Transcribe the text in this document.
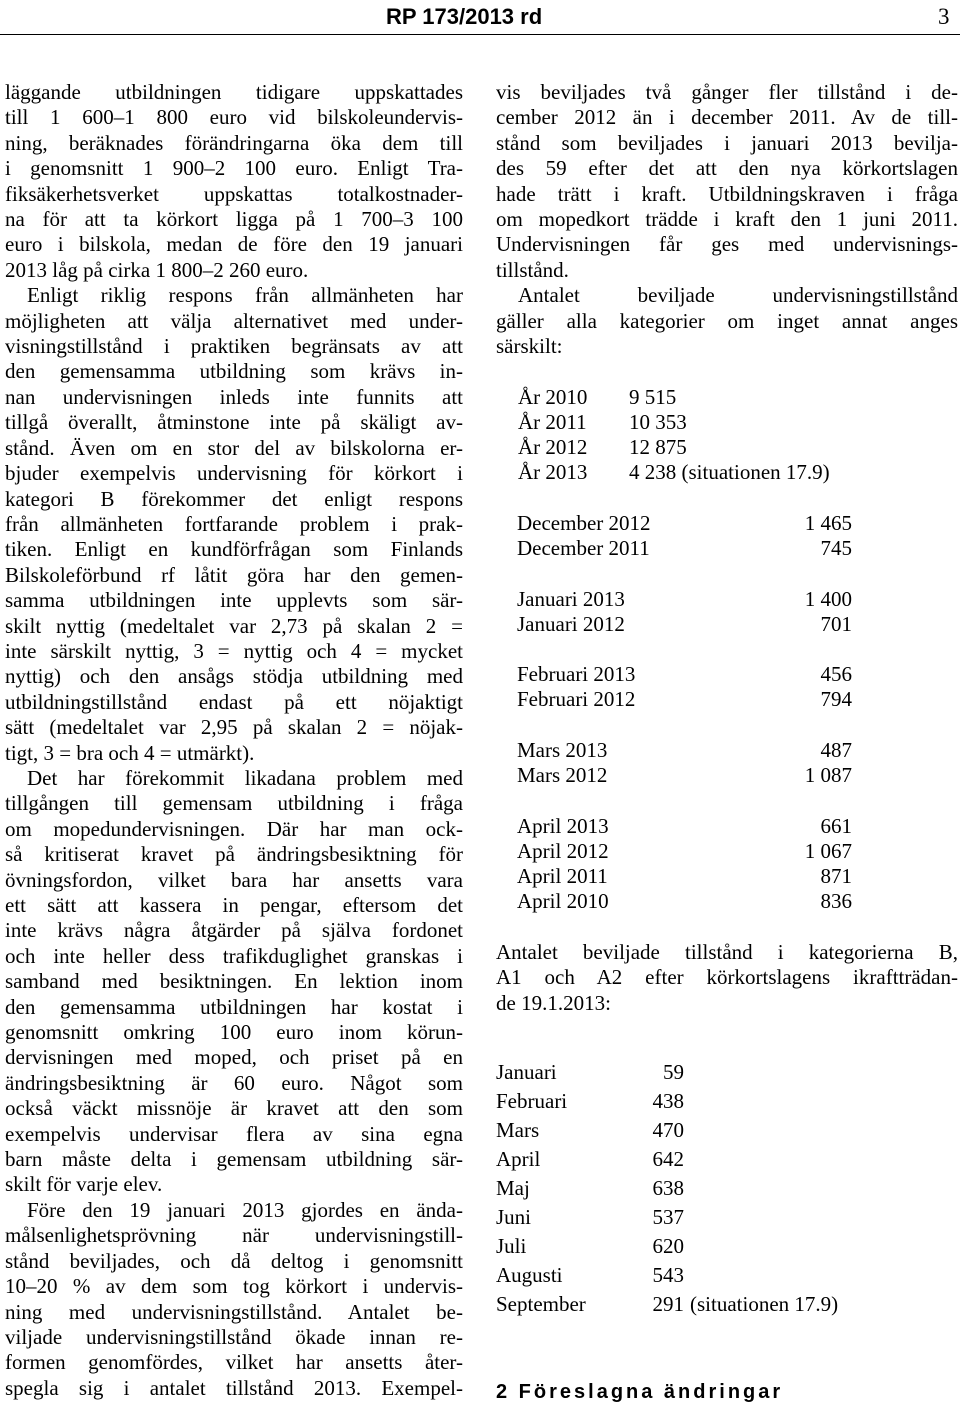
RP 173/2013 rd	3

läggande utbildningen tidigare uppskattades
till 1 600–1 800 euro vid bilskoleundervis-
ning, beräknades förändringarna öka dem till
i genomsnitt 1 900–2 100 euro. Enligt Tra-
fiksäkerhetsverket uppskattas totalkostnader-
na för att ta körkort ligga på 1 700–3 100
euro i bilskola, medan de före den 19 januari
2013 låg på cirka 1 800–2 260 euro.

Enligt riklig respons från allmänheten har
möjligheten att välja alternativet med under-
visningstillstånd i praktiken begränsats av att
den gemensamma utbildning som krävs in-
nan undervisningen inleds inte funnits att
tillgå överallt, åtminstone inte på skäligt av-
stånd. Även om en stor del av bilskolorna er-
bjuder exempelvis undervisning för körkort i
kategori B förekommer det enligt respons
från allmänheten fortfarande problem i prak-
tiken. Enligt en kundförfrågan som Finlands
Bilskoleförbund rf låtit göra har den gemen-
samma utbildningen inte upplevts som sär-
skilt nyttig (medeltalet var 2,73 på skalan 2 =
inte särskilt nyttig, 3 = nyttig och 4 = mycket
nyttig) och den ansågs stödja utbildning med
utbildningstillstånd endast på ett nöjaktigt
sätt (medeltalet var 2,95 på skalan 2 = nöjak-
tigt, 3 = bra och 4 = utmärkt).

Det har förekommit likadana problem med
tillgången till gemensam utbildning i fråga
om mopedundervisningen. Där har man ock-
så kritiserat kravet på ändringsbesiktning för
övningsfordon, vilket bara har ansetts vara
ett sätt att kassera in pengar, eftersom det
inte krävs några åtgärder på själva fordonet
och inte heller dess trafikduglighet granskas i
samband med besiktningen. En lektion inom
den gemensamma utbildningen har kostat i
genomsnitt omkring 100 euro inom körun-
dervisningen med moped, och priset på en
ändringsbesiktning är 60 euro. Något som
också väckt missnöje är kravet att den som
exempelvis undervisar flera av sina egna
barn måste delta i gemensam utbildning sär-
skilt för varje elev.

Före den 19 januari 2013 gjordes en ända-
målsenlighetsprövning när undervisningstill-
stånd beviljades, och då deltog i genomsnitt
10–20 % av dem som tog körkort i undervis-
ning med undervisningstillstånd. Antalet be-
viljade undervisningstillstånd ökade innan re-
formen genomfördes, vilket har ansetts åter-
spegla sig i antalet tillstånd 2013. Exempel-

vis beviljades två gånger fler tillstånd i de-
cember 2012 än i december 2011. Av de till-
stånd som beviljades i januari 2013 bevilja-
des 59 efter det att den nya körkortslagen
hade trätt i kraft. Utbildningskraven i fråga
om mopedkort trädde i kraft den 1 juni 2011.
Undervisningen får ges med undervisnings-
tillstånd.

Antalet beviljade undervisningstillstånd
gäller alla kategorier om inget annat anges
särskilt:

År 2010 9 515
År 2011 10 353
År 2012 12 875
År 2013 4 238 (situationen 17.9)
December 2012	1 465
December 2011	745
Januari 2013	1 400
Januari 2012	701
Februari 2013	456
Februari 2012	794
Mars 2013	487
Mars 2012	1 087
April 2013	661
April 2012	1 067
April 2011	871
April 2010	836

Antalet beviljade tillstånd i kategorierna B,
A1 och A2 efter körkortslagens ikraftträdan-
de 19.1.2013:

Januari	59
Februari	438
Mars	470
April	642
Maj	638
Juni	537
Juli	620
Augusti	543
September	291 (situationen 17.9)
2 Föreslagna ändringar
